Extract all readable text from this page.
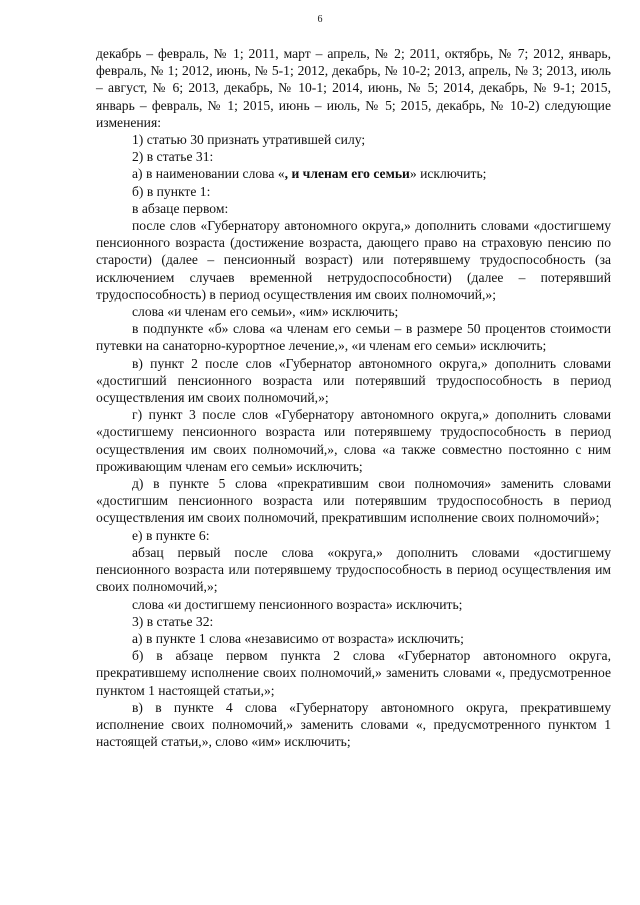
6

декабрь – февраль, № 1; 2011, март – апрель, № 2; 2011, октябрь, № 7; 2012, январь, февраль, № 1; 2012, июнь, № 5-1; 2012, декабрь, № 10-2; 2013, апрель, № 3; 2013, июль – август, № 6; 2013, декабрь, № 10-1; 2014, июнь, № 5; 2014, декабрь, № 9-1; 2015, январь – февраль, № 1; 2015, июнь – июль, № 5; 2015, декабрь, № 10-2) следующие изменения:

1) статью 30 признать утратившей силу;

2) в статье 31:

а) в наименовании слова «, и членам его семьи» исключить;

б) в пункте 1:

в абзаце первом:

после слов «Губернатору автономного округа,» дополнить словами «достигшему пенсионного возраста (достижение возраста, дающего право на страховую пенсию по старости) (далее – пенсионный возраст) или потерявшему трудоспособность (за исключением случаев временной нетрудоспособности) (далее – потерявший трудоспособность) в период осуществления им своих полномочий,»;

слова «и членам его семьи», «им» исключить;

в подпункте «б» слова «а членам его семьи – в размере 50 процентов стоимости путевки на санаторно-курортное лечение,», «и членам его семьи» исключить;

в) пункт 2 после слов «Губернатор автономного округа,» дополнить словами «достигший пенсионного возраста или потерявший трудоспособность в период осуществления им своих полномочий,»;

г) пункт 3 после слов «Губернатору автономного округа,» дополнить словами «достигшему пенсионного возраста или потерявшему трудоспособность в период осуществления им своих полномочий,», слова «а также совместно постоянно с ним проживающим членам его семьи» исключить;

д) в пункте 5 слова «прекратившим свои полномочия» заменить словами «достигшим пенсионного возраста или потерявшим трудоспособность в период осуществления им своих полномочий, прекратившим исполнение своих полномочий»;

е) в пункте 6:

абзац первый после слова «округа,» дополнить словами «достигшему пенсионного возраста или потерявшему трудоспособность в период осуществления им своих полномочий,»;

слова «и достигшему пенсионного возраста» исключить;

3) в статье 32:

а) в пункте 1 слова «независимо от возраста» исключить;

б) в абзаце первом пункта 2 слова «Губернатор автономного округа, прекратившему исполнение своих полномочий,» заменить словами «, предусмотренное пунктом 1 настоящей статьи,»;

в) в пункте 4 слова «Губернатору автономного округа, прекратившему исполнение своих полномочий,» заменить словами «, предусмотренного пунктом 1 настоящей статьи,», слово «им» исключить;
